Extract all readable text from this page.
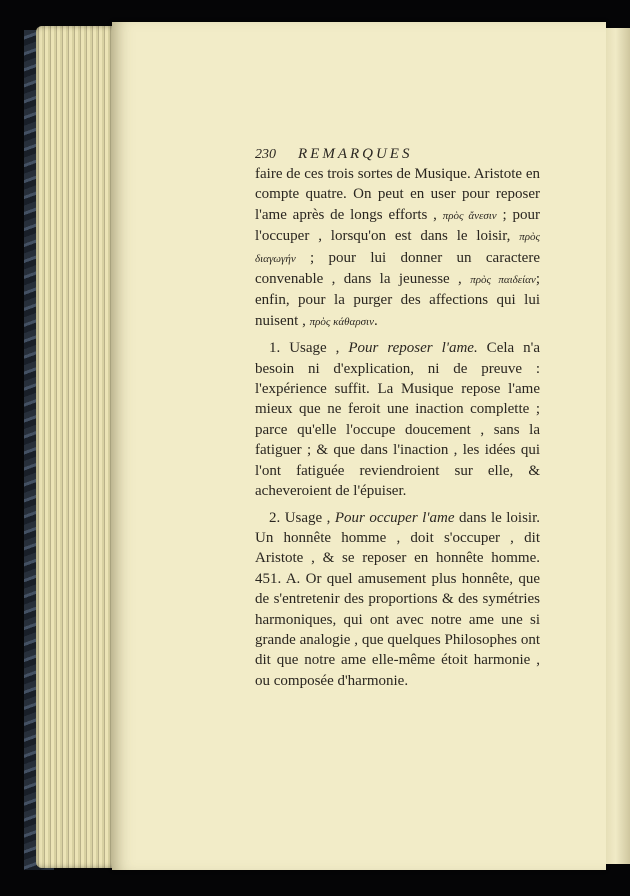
230 REMARQUES

faire de ces trois sortes de Musique. Aristote en compte quatre. On peut en user pour reposer l'ame après de longs efforts , πρὸς ἄνεσιν ; pour l'occuper , lorsqu'on est dans le loisir, πρὸς διαγωγήν ; pour lui donner un caractere convenable , dans la jeunesse , πρὸς παιδείαν; enfin, pour la purger des affections qui lui nuisent , πρὸς κάθαρσιν.

1. Usage , Pour reposer l'ame. Cela n'a besoin ni d'explication, ni de preuve : l'expérience suffit. La Musique repose l'ame mieux que ne feroit une inaction complette ; parce qu'elle l'occupe doucement , sans la fatiguer ; & que dans l'inaction , les idées qui l'ont fatiguée reviendroient sur elle, & acheveroient de l'épuiser.

2. Usage , Pour occuper l'ame dans le loisir. Un honnête homme , doit s'occuper , dit Aristote , & se reposer en honnête homme. 451. A. Or quel amusement plus honnête, que de s'entretenir des proportions & des symétries harmoniques, qui ont avec notre ame une si grande analogie , que quelques Philosophes ont dit que notre ame elle-même étoit harmonie , ou composée d'harmonie.
